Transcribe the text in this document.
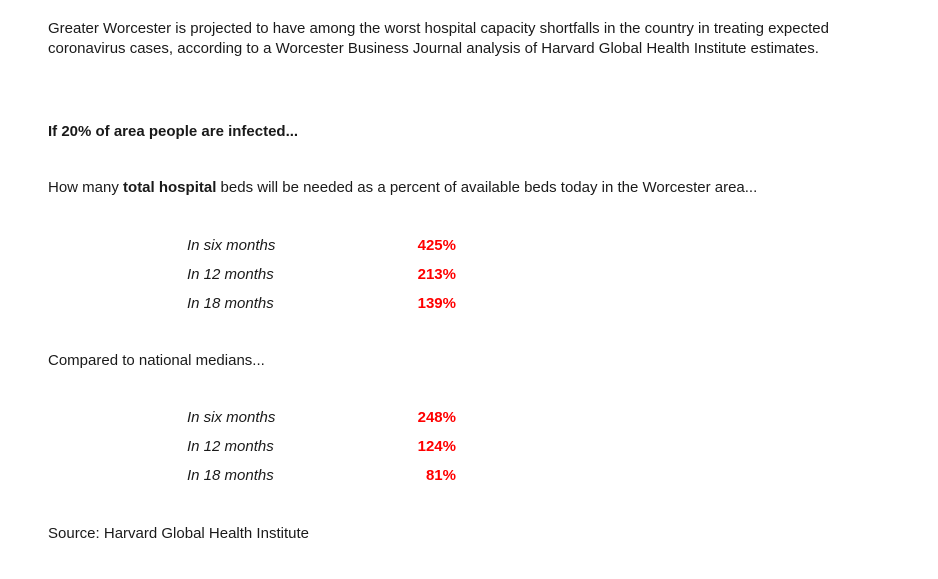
Greater Worcester is projected to have among the worst hospital capacity shortfalls in the country in treating expected coronavirus cases, according to a Worcester Business Journal analysis of Harvard Global Health Institute estimates.
If 20% of area people are infected...
How many total hospital beds will be needed as a percent of available beds today in the Worcester area...
In six months	425%
In 12 months	213%
In 18 months	139%
Compared to national medians...
In six months	248%
In 12 months	124%
In 18 months	81%
Source: Harvard Global Health Institute
